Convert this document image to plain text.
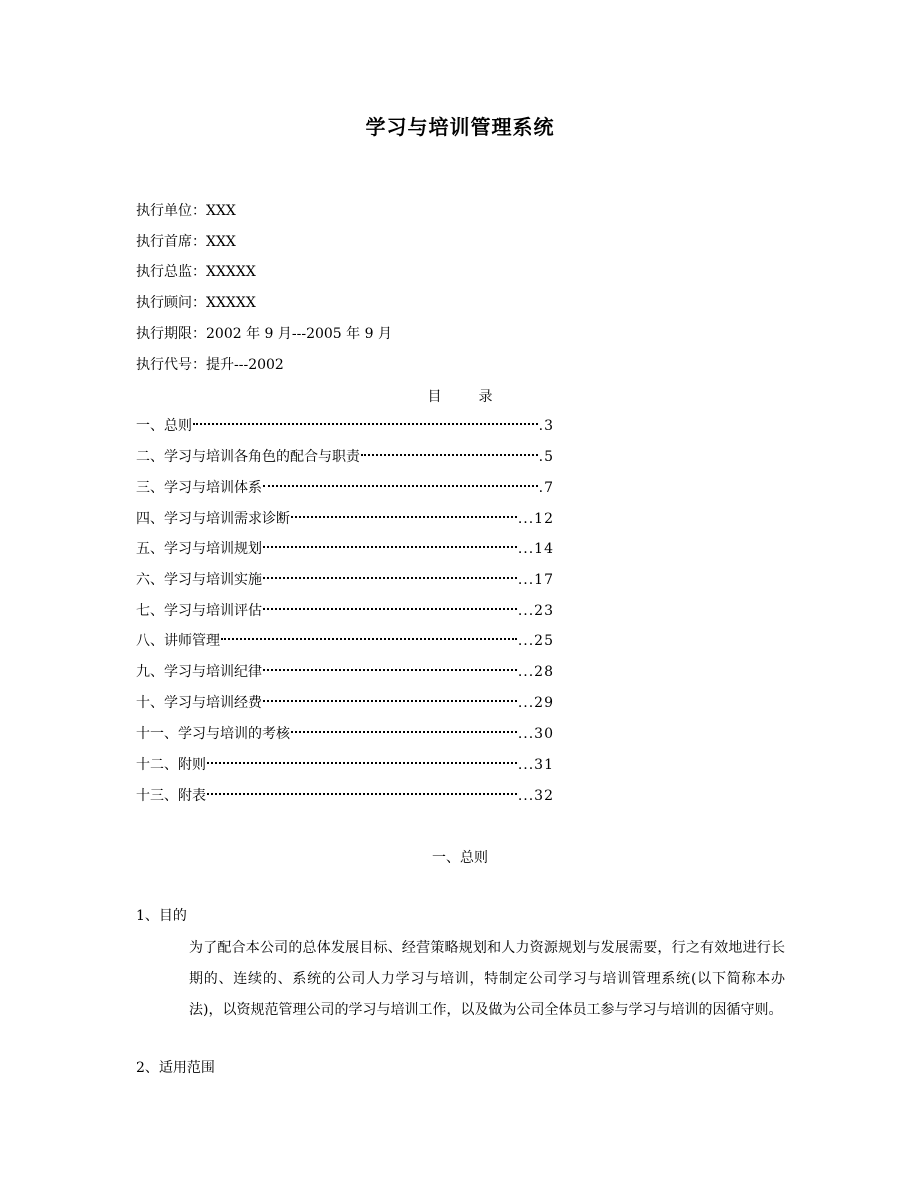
学习与培训管理系统
执行单位：XXX
执行首席：XXX
执行总监：XXXXX
执行顾问：XXXXX
执行期限：2002 年 9 月---2005 年 9 月
执行代号：提升---2002
目	录
一、总则	.3
二、学习与培训各角色的配合与职责	.5
三、学习与培训体系	.7
四、学习与培训需求诊断	...12
五、学习与培训规划	...14
六、学习与培训实施	...17
七、学习与培训评估	...23
八、讲师管理	...25
九、学习与培训纪律	...28
十、学习与培训经费	...29
十一、学习与培训的考核	...30
十二、附则	...31
十三、附表	...32
一、总则
1、目的
为了配合本公司的总体发展目标、经营策略规划和人力资源规划与发展需要，行之有效地进行长期的、连续的、系统的公司人力学习与培训，特制定公司学习与培训管理系统(以下简称本办法)，以资规范管理公司的学习与培训工作，以及做为公司全体员工参与学习与培训的因循守则。
2、适用范围
